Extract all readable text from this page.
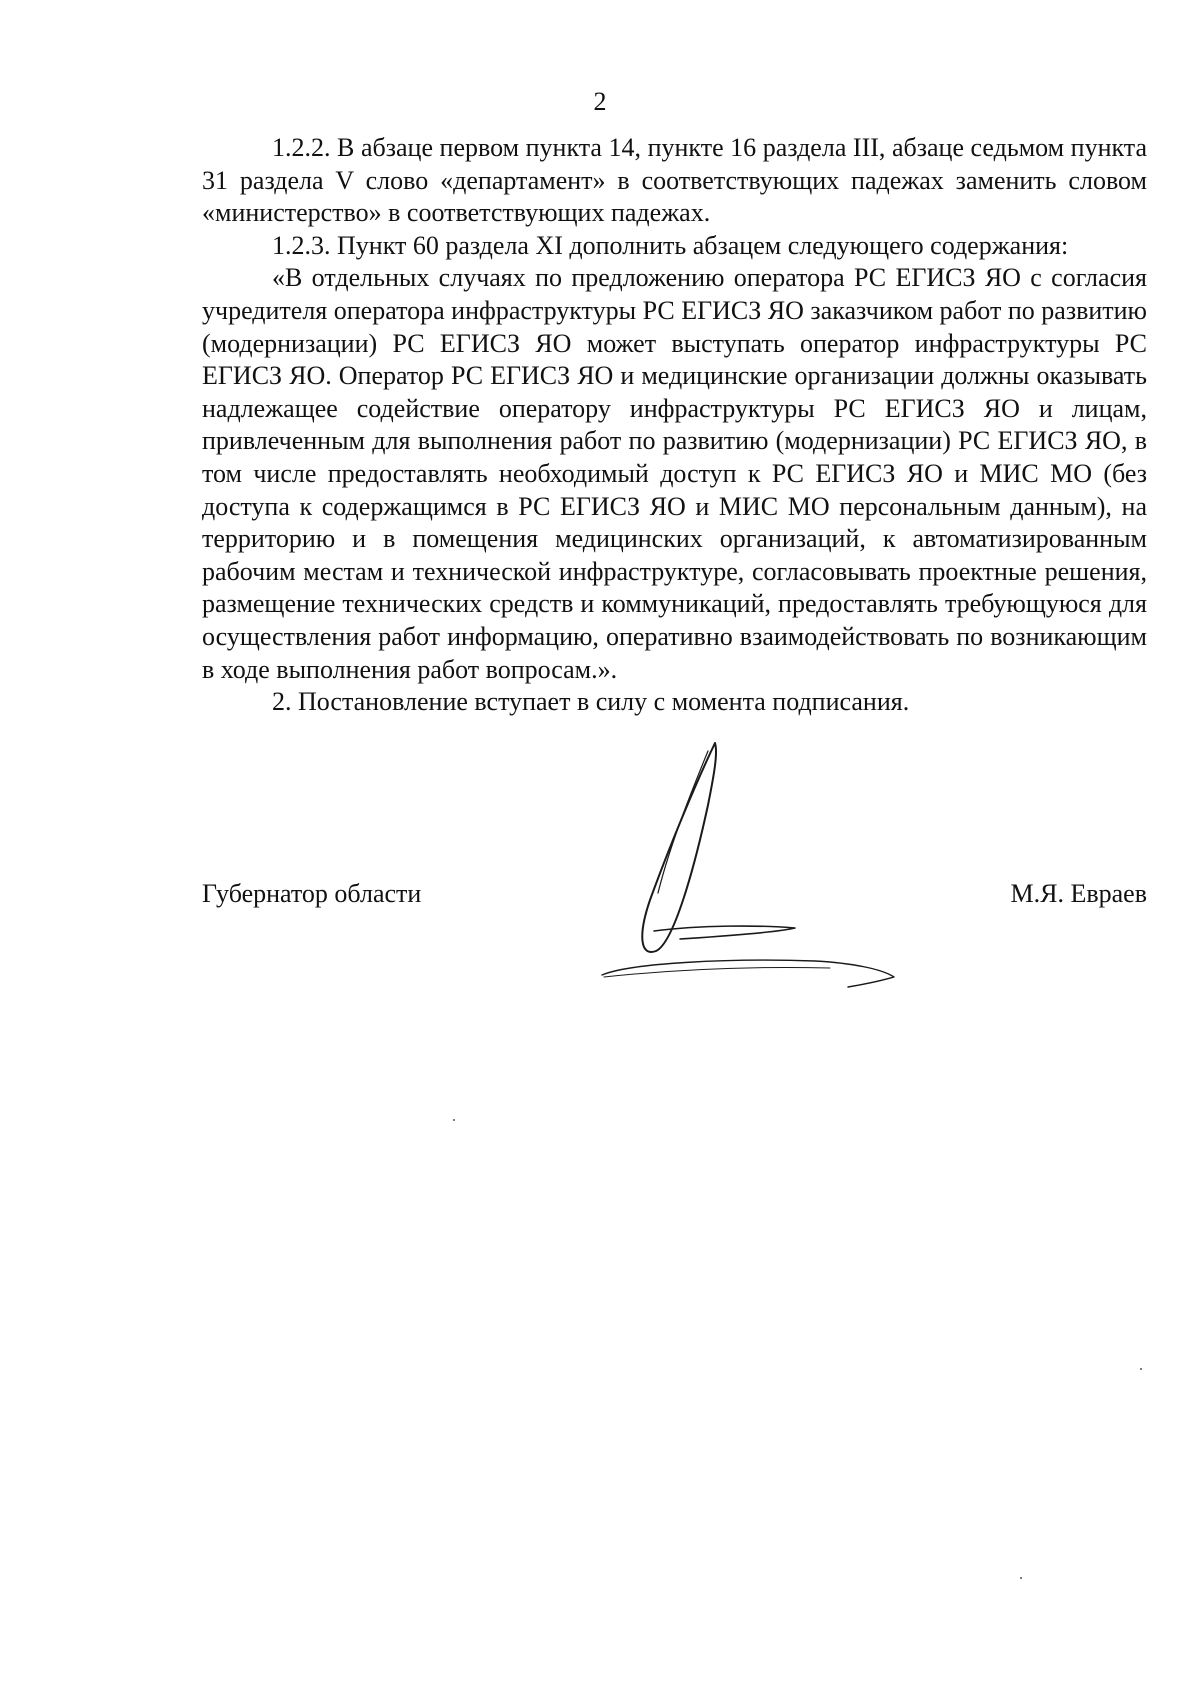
2

1.2.2. В абзаце первом пункта 14, пункте 16 раздела III, абзаце седьмом пункта 31 раздела V слово «департамент» в соответствующих падежах заменить словом «министерство» в соответствующих падежах.

1.2.3. Пункт 60 раздела XI дополнить абзацем следующего содержания:

«В отдельных случаях по предложению оператора РС ЕГИСЗ ЯО с согласия учредителя оператора инфраструктуры РС ЕГИСЗ ЯО заказчиком работ по развитию (модернизации) РС ЕГИСЗ ЯО может выступать оператор инфраструктуры РС ЕГИСЗ ЯО. Оператор РС ЕГИСЗ ЯО и медицинские организации должны оказывать надлежащее содействие оператору инфраструктуры РС ЕГИСЗ ЯО и лицам, привлеченным для выполнения работ по развитию (модернизации) РС ЕГИСЗ ЯО, в том числе предоставлять необходимый доступ к РС ЕГИСЗ ЯО и МИС МО (без доступа к содержащимся в РС ЕГИСЗ ЯО и МИС МО персональным данным), на территорию и в помещения медицинских организаций, к автоматизированным рабочим местам и технической инфраструктуре, согласовывать проектные решения, размещение технических средств и коммуникаций, предоставлять требующуюся для осуществления работ информацию, оперативно взаимодействовать по возникающим в ходе выполнения работ вопросам.».

2. Постановление вступает в силу с момента подписания.

Губернатор области	М.Я. Евраев
